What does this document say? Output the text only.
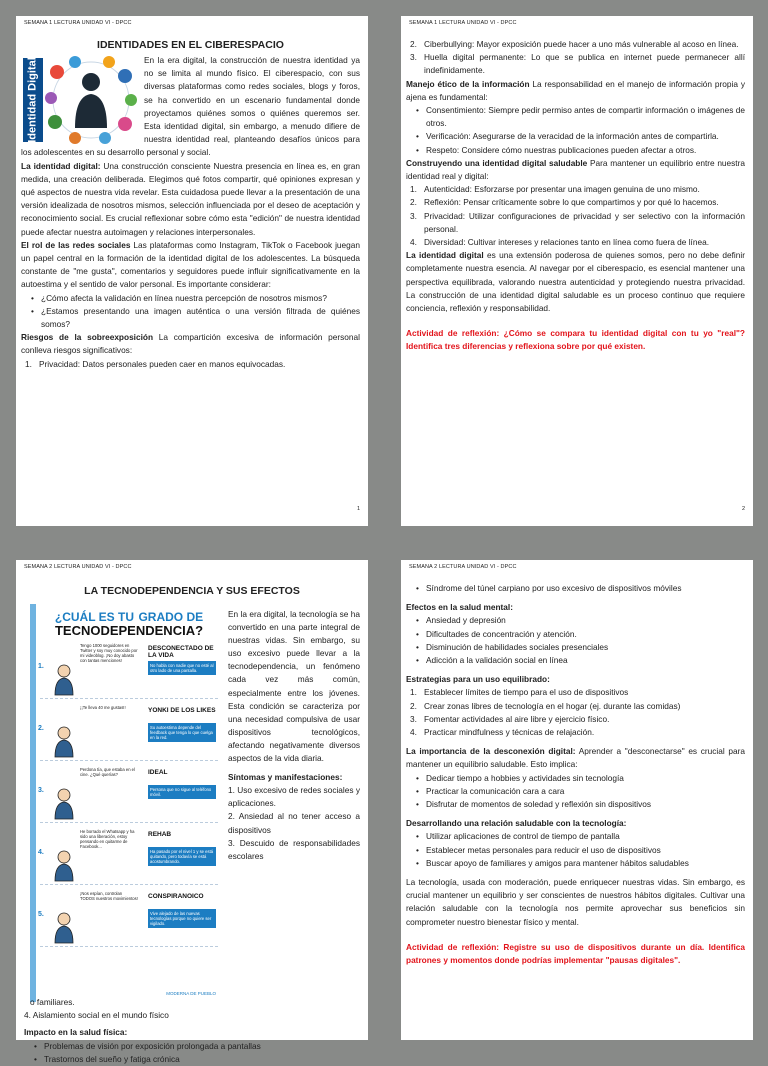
SEMANA 1 LECTURA UNIDAD VI - DPCC
IDENTIDADES EN EL CIBERESPACIO
Identidad Digital	En la era digital, la construcción de nuestra identidad ya no se limita al mundo físico. El ciberespacio, con sus diversas plataformas como redes sociales, blogs y foros, se ha convertido en un escenario fundamental donde proyectamos quiénes somos o quiénes queremos ser. Esta identidad digital, sin embargo, a menudo difiere de nuestra identidad real, planteando desafíos únicos para los adolescentes en su desarrollo personal y social.

La identidad digital: Una construcción consciente Nuestra presencia en línea es, en gran medida, una creación deliberada. Elegimos qué fotos compartir, qué opiniones expresan y qué aspectos de nuestra vida revelar. Esta cuidadosa puede llevar a la presentación de una versión idealizada de nosotros mismos, selección influenciada por el deseo de aceptación y reconocimiento social. Es crucial reflexionar sobre cómo esta "edición" de nuestra identidad puede afectar nuestra autoimagen y relaciones interpersonales.

El rol de las redes sociales Las plataformas como Instagram, TikTok o Facebook juegan un papel central en la formación de la identidad digital de los adolescentes. La búsqueda constante de "me gusta", comentarios y seguidores puede influir significativamente en la autoestima y el sentido de valor personal. Es importante considerar:

• ¿Cómo afecta la validación en línea nuestra percepción de nosotros mismos?
• ¿Estamos presentando una imagen auténtica o una versión filtrada de quiénes somos?

Riesgos de la sobreexposición La compartición excesiva de información personal conlleva riesgos significativos:

1. Privacidad: Datos personales pueden caer en manos equivocadas.
1
SEMANA 1 LECTURA UNIDAD VI - DPCC
2. Ciberbullying: Mayor exposición puede hacer a uno más vulnerable al acoso en línea.
3. Huella digital permanente: Lo que se publica en internet puede permanecer allí indefinidamente.

Manejo ético de la información La responsabilidad en el manejo de información propia y ajena es fundamental:

• Consentimiento: Siempre pedir permiso antes de compartir información o imágenes de otros.
• Verificación: Asegurarse de la veracidad de la información antes de compartirla.
• Respeto: Considere cómo nuestras publicaciones pueden afectar a otros.

Construyendo una identidad digital saludable Para mantener un equilibrio entre nuestra identidad real y digital:

1. Autenticidad: Esforzarse por presentar una imagen genuina de uno mismo.
2. Reflexión: Pensar críticamente sobre lo que compartimos y por qué lo hacemos.
3. Privacidad: Utilizar configuraciones de privacidad y ser selectivo con la información personal.
4. Diversidad: Cultivar intereses y relaciones tanto en línea como fuera de línea.

La identidad digital es una extensión poderosa de quienes somos, pero no debe definir completamente nuestra esencia. Al navegar por el ciberespacio, es esencial mantener una perspectiva equilibrada, valorando nuestra autenticidad y protegiendo nuestra privacidad. La construcción de una identidad digital saludable es un proceso continuo que requiere conciencia, reflexión y responsabilidad.

Actividad de reflexión: ¿Cómo se compara tu identidad digital con tu yo "real"? Identifica tres diferencias y reflexiona sobre por qué existen.

2
SEMANA 2 LECTURA UNIDAD VI - DPCC
LA TECNODEPENDENCIA Y SUS EFECTOS
¿CUÁL ES TU GRADO DE
TECNODEPENDENCIA?
1.
Tengo 1000 seguidores en Twitter y soy muy conocido por mi videoblog. ¡No doy abasto con tantas menciones!
DESCONECTADO DE LA VIDA
No habla con nadie que no esté al otro lado de una pantalla.
2.
¡¡Te lleva 40 me gustas!!	YONKI DE LOS LIKES
Su autoestima depende del feedback que tenga lo que cuelga en la red.
3.
Perdona tía, que estaba en el cine. ¿Qué querías?	IDEAL
Persona que no sigue al teléfono móvil.
4.
He borrado el Whatsapp y ha sido una liberación, estoy pensando en quitarme de Facebook...
REHAB
Ha pasado por el nivel 1 y se está quitando, pero todavía se está acostumbrando.
5.
¡Nos espían, controlan TODOS nuestros movimientos! CONSPIRANOICO
Vive alejado de las nuevas tecnologías porque no quiere ser vigilado.
MODERNA DE PUEBLO

En la era digital, la tecnología se ha convertido en una parte integral de nuestras vidas. Sin embargo, su uso excesivo puede llevar a la tecnodependencia, un fenómeno cada vez más común, especialmente entre los jóvenes. Esta condición se caracteriza por una necesidad compulsiva de usar dispositivos tecnológicos, afectando negativamente diversos aspectos de la vida diaria.

Síntomas y manifestaciones:

1. Uso excesivo de redes sociales y aplicaciones.
2. Ansiedad al no tener acceso a dispositivos
3. Descuido de responsabilidades escolares
o familiares.
4. Aislamiento social en el mundo físico

Impacto en la salud física:

• Problemas de visión por exposición prolongada a pantallas
• Trastornos del sueño y fatiga crónica
SEMANA 2 LECTURA UNIDAD VI - DPCC
• Síndrome del túnel carpiano por uso excesivo de dispositivos móviles

Efectos en la salud mental:

• Ansiedad y depresión
• Dificultades de concentración y atención.
• Disminución de habilidades sociales presenciales
• Adicción a la validación social en línea

Estrategias para un uso equilibrado:

1. Establecer límites de tiempo para el uso de dispositivos
2. Crear zonas libres de tecnología en el hogar (ej. durante las comidas)
3. Fomentar actividades al aire libre y ejercicio físico.
4. Practicar mindfulness y técnicas de relajación.

La importancia de la desconexión digital: Aprender a "desconectarse" es crucial para mantener un equilibrio saludable. Esto implica:

• Dedicar tiempo a hobbies y actividades sin tecnología
• Practicar la comunicación cara a cara
• Disfrutar de momentos de soledad y reflexión sin dispositivos

Desarrollando una relación saludable con la tecnología:

• Utilizar aplicaciones de control de tiempo de pantalla
• Establecer metas personales para reducir el uso de dispositivos
• Buscar apoyo de familiares y amigos para mantener hábitos saludables

La tecnología, usada con moderación, puede enriquecer nuestras vidas. Sin embargo, es crucial mantener un equilibrio y ser conscientes de nuestros hábitos digitales. Cultivar una relación saludable con la tecnología nos permite aprovechar sus beneficios sin comprometer nuestro bienestar físico y mental.

Actividad de reflexión: Registre su uso de dispositivos durante un día. Identifica patrones y momentos donde podrías implementar "pausas digitales".
